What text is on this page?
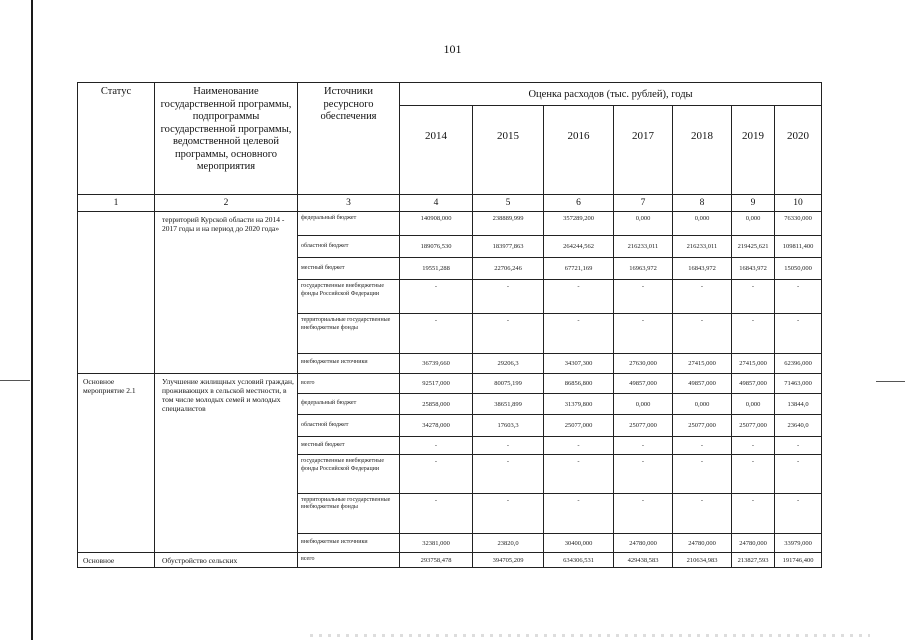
101
Статус	Наименование государственной программы, подпрограммы государственной программы, ведомственной целевой программы, основного мероприятия	Источники ресурсного обеспечения	Оценка расходов (тыс. рублей), годы						
			2014	2015	2016	2017	2018	2019	2020
1	2	3	4	5	6	7	8	9	10
	территорий Курской области на 2014 - 2017 годы и на период до 2020 года»	федеральный бюджет	140908,000	238889,999	357289,200	0,000	0,000	0,000	76330,000
		областной бюджет	189076,530	183977,863	264244,562	216233,011	216233,011	219425,621	109811,400
		местный бюджет	19551,288	22706,246	67721,169	16963,972	16843,972	16843,972	15050,000
		государственные внебюджетные фонды Российской Федерации	-	-	-	-	-	-	-
		территориальные государственные внебюджетные фонды	-	-	-	-	-	-	-
		внебюджетные источники	36739,660	29206,3	34307,300	27630,000	27415,000	27415,000	62396,000
Основное мероприятие 2.1	Улучшение жилищных условий граждан, проживающих в сельской местности, в том числе молодых семей и молодых специалистов	всего	92517,000	80075,199	86856,800	49857,000	49857,000	49857,000	71463,000
		федеральный бюджет	25858,000	38651,899	31379,800	0,000	0,000	0,000	13844,0
		областной бюджет	34278,000	17603,3	25077,000	25077,000	25077,000	25077,000	23640,0
		местный бюджет	-	-	-	-	-	-	-
		государственные внебюджетные фонды Российской Федерации	-	-	-	-	-	-	-
		территориальные государственные внебюджетные фонды	-	-	-	-	-	-	-
		внебюджетные источники	32381,000	23820,0	30400,000	24780,000	24780,000	24780,000	33979,000
Основное	Обустройство сельских	всего	293758,478	394705,209	634306,531	429438,583	210634,983	213827,593	191746,400
